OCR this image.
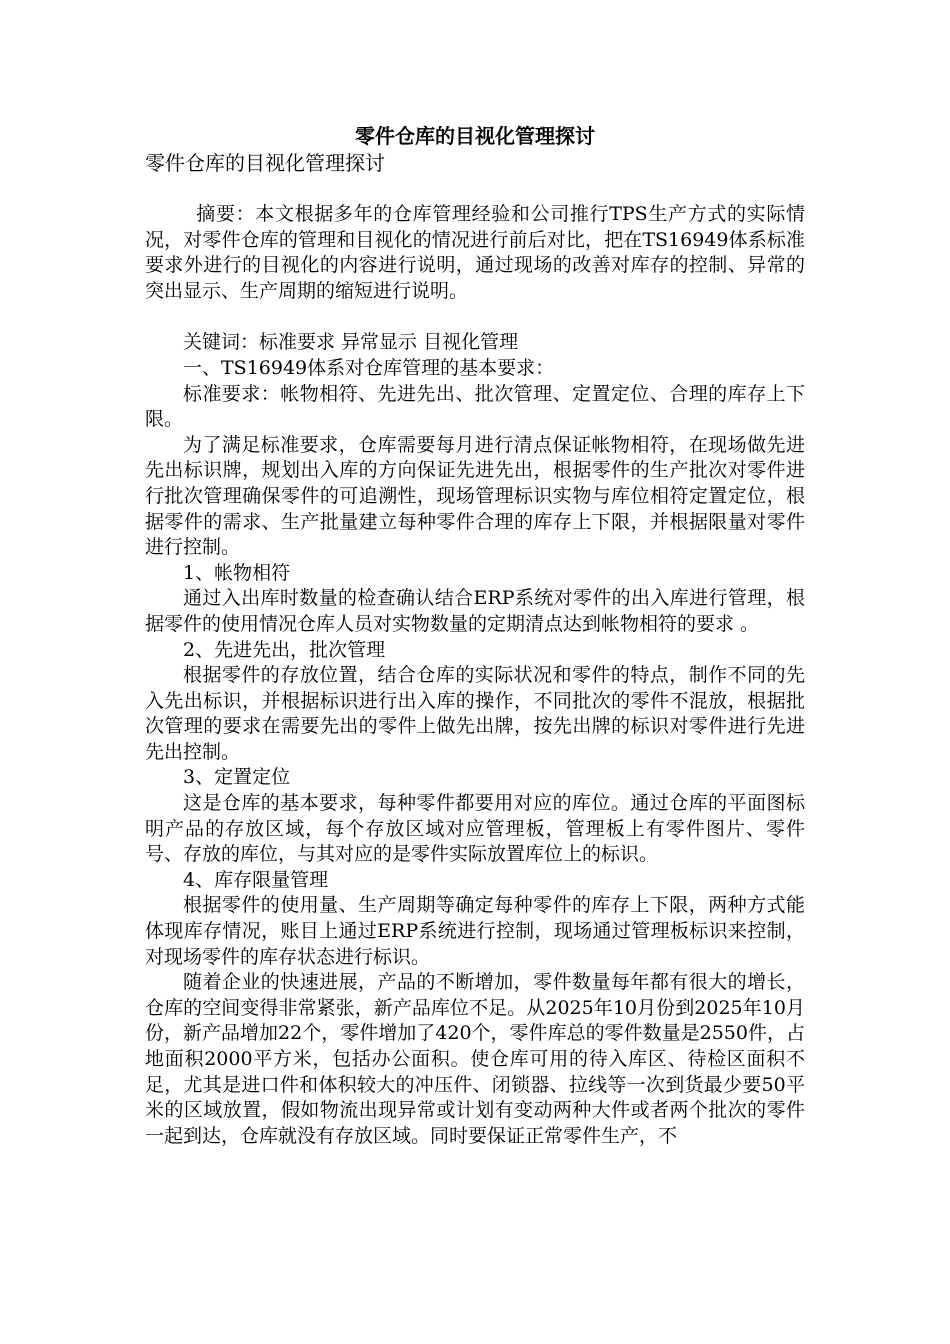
零件仓库的目视化管理探讨
零件仓库的目视化管理探讨

摘要：本文根据多年的仓库管理经验和公司推行TPS生产方式的实际情况，对零件仓库的管理和目视化的情况进行前后对比，把在TS16949体系标准要求外进行的目视化的内容进行说明，通过现场的改善对库存的控制、异常的突出显示、生产周期的缩短进行说明。

关键词：标准要求 异常显示 目视化管理

一、TS16949体系对仓库管理的基本要求：

标准要求：帐物相符、先进先出、批次管理、定置定位、合理的库存上下限。

为了满足标准要求，仓库需要每月进行清点保证帐物相符，在现场做先进先出标识牌，规划出入库的方向保证先进先出，根据零件的生产批次对零件进行批次管理确保零件的可追溯性，现场管理标识实物与库位相符定置定位，根据零件的需求、生产批量建立每种零件合理的库存上下限，并根据限量对零件进行控制。

1、帐物相符

通过入出库时数量的检查确认结合ERP系统对零件的出入库进行管理，根据零件的使用情况仓库人员对实物数量的定期清点达到帐物相符的要求 。

2、先进先出，批次管理

根据零件的存放位置，结合仓库的实际状况和零件的特点，制作不同的先入先出标识，并根据标识进行出入库的操作，不同批次的零件不混放，根据批次管理的要求在需要先出的零件上做先出牌，按先出牌的标识对零件进行先进先出控制。

3、定置定位

这是仓库的基本要求，每种零件都要用对应的库位。通过仓库的平面图标明产品的存放区域，每个存放区域对应管理板，管理板上有零件图片、零件号、存放的库位，与其对应的是零件实际放置库位上的标识。

4、库存限量管理

根据零件的使用量、生产周期等确定每种零件的库存上下限，两种方式能体现库存情况，账目上通过ERP系统进行控制，现场通过管理板标识来控制，对现场零件的库存状态进行标识。

随着企业的快速进展，产品的不断增加，零件数量每年都有很大的增长，仓库的空间变得非常紧张，新产品库位不足。从2025年10月份到2025年10月份，新产品增加22个，零件增加了420个，零件库总的零件数量是2550件，占地面积2000平方米，包括办公面积。使仓库可用的待入库区、待检区面积不足，尤其是进口件和体积较大的冲压件、闭锁器、拉线等一次到货最少要50平米的区域放置，假如物流出现异常或计划有变动两种大件或者两个批次的零件一起到达，仓库就没有存放区域。同时要保证正常零件生产，不
